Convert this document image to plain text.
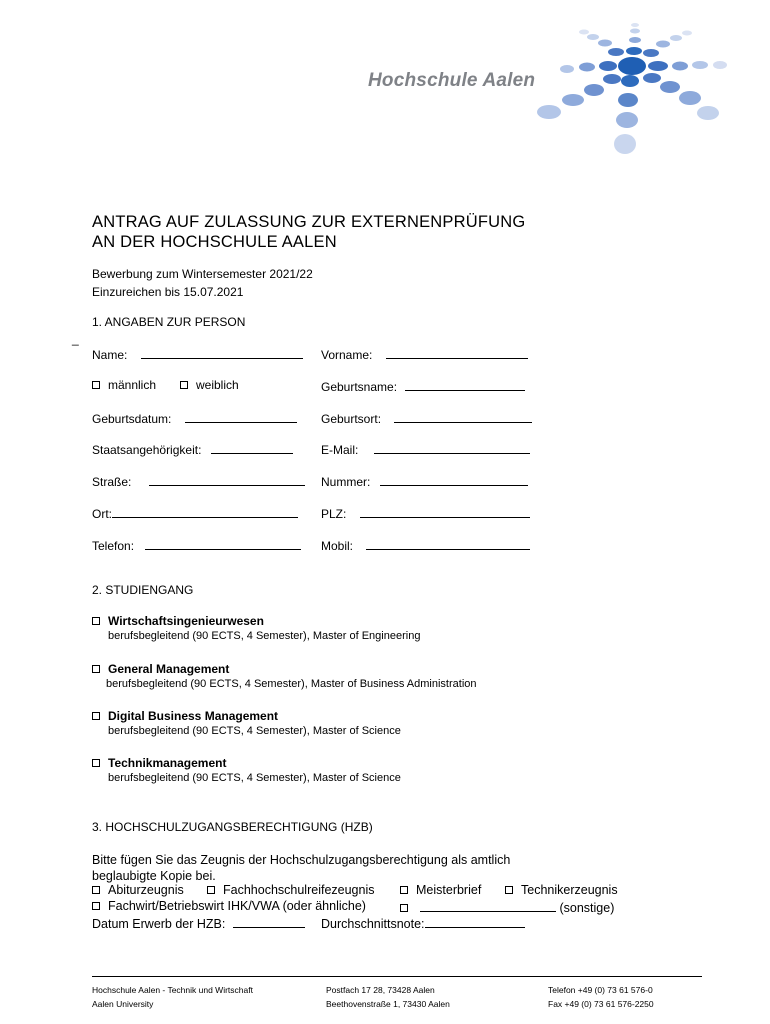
Hochschule Aalen
ANTRAG AUF ZULASSUNG ZUR EXTERNENPRÜFUNG
AN DER HOCHSCHULE AALEN
Bewerbung zum Wintersemester 2021/22
Einzureichen bis 15.07.2021
1. ANGABEN ZUR PERSON
_
Name:	Vorname:
männlich	weiblich	Geburtsname:
Geburtsdatum:	Geburtsort:
Staatsangehörigkeit:	E-Mail:
Straße:	Nummer:
Ort:	PLZ:
Telefon:	Mobil:
2. STUDIENGANG
Wirtschaftsingenieurwesen
berufsbegleitend (90 ECTS, 4 Semester), Master of Engineering
General Management
berufsbegleitend (90 ECTS, 4 Semester), Master of Business Administration
Digital Business Management
berufsbegleitend (90 ECTS, 4 Semester), Master of Science
Technikmanagement
berufsbegleitend (90 ECTS, 4 Semester), Master of Science
3. HOCHSCHULZUGANGSBERECHTIGUNG (HZB)
Bitte fügen Sie das Zeugnis der Hochschulzugangsberechtigung als amtlich
beglaubigte Kopie bei.
Abiturzeugnis	Fachhochschulreifezeugnis	Meisterbrief	Technikerzeugnis
Fachwirt/Betriebswirt IHK/VWA (oder ähnliche)	(sonstige)
Datum Erwerb der HZB:	Durchschnittsnote:
Hochschule Aalen - Technik und Wirtschaft
Aalen University
Postfach 17 28, 73428 Aalen
Beethovenstraße 1, 73430 Aalen
Telefon +49 (0) 73 61 576-0
Fax +49 (0) 73 61 576-2250
